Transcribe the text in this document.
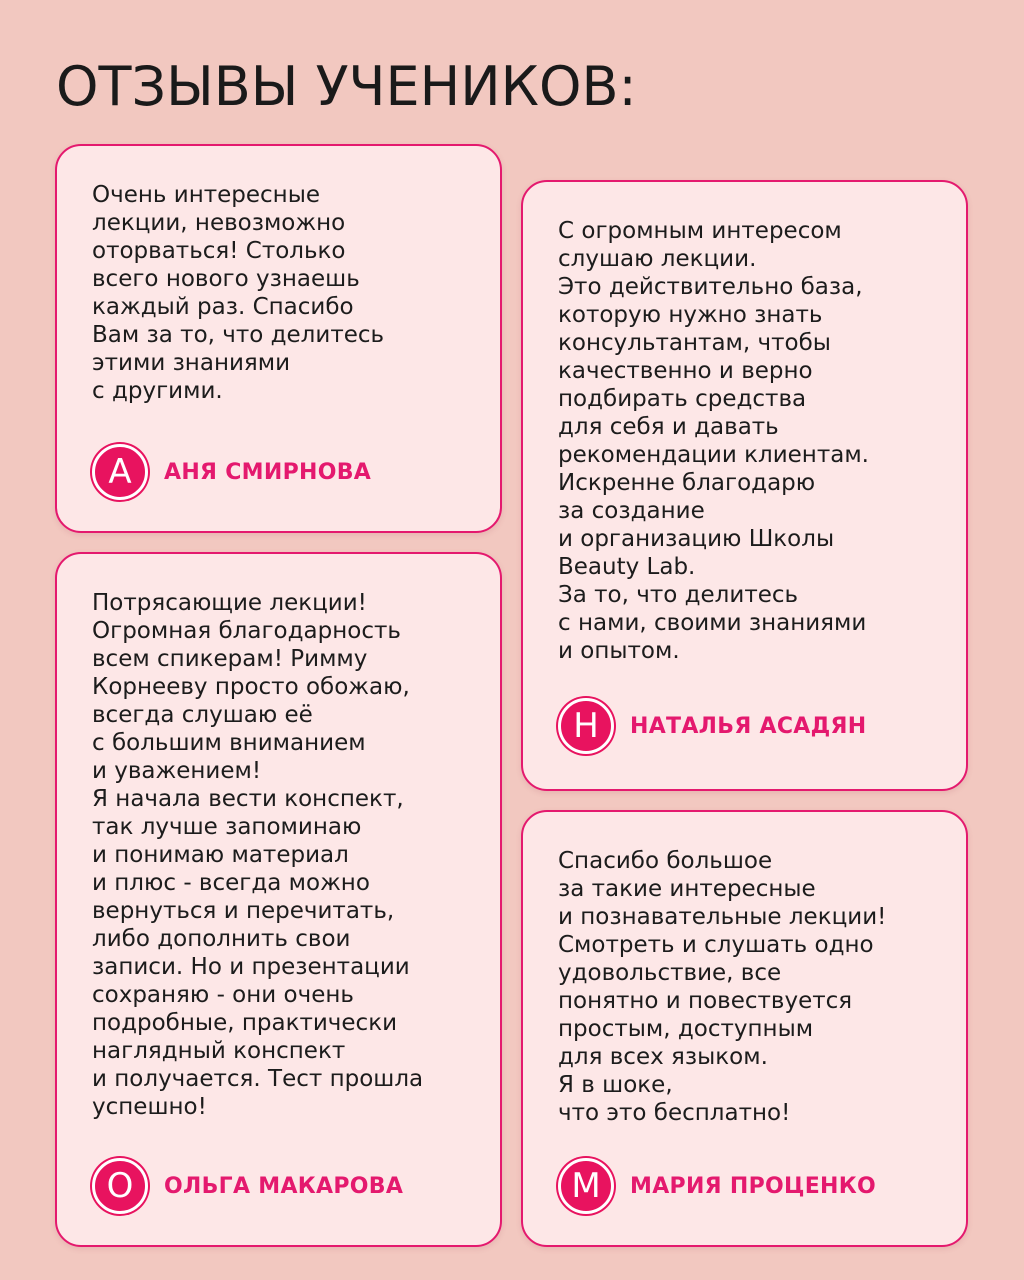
ОТЗЫВЫ УЧЕНИКОВ:

Очень интересные
лекции, невозможно
оторваться! Столько
всего нового узнаешь
каждый раз. Спасибо
Вам за то, что делитесь
этими знаниями
с другими.

А	АНЯ СМИРНОВА

С огромным интересом
слушаю лекции.
Это действительно база,
которую нужно знать
консультантам, чтобы
качественно и верно
подбирать средства
для себя и давать
рекомендации клиентам.
Искренне благодарю
за создание
и организацию Школы
Beauty Lab.
За то, что делитесь
с нами, своими знаниями
и опытом.

Н	НАТАЛЬЯ АСАДЯН

Потрясающие лекции!
Огромная благодарность
всем спикерам! Римму
Корнееву просто обожаю,
всегда слушаю её
с большим вниманием
и уважением!
Я начала вести конспект,
так лучше запоминаю
и понимаю материал
и плюс - всегда можно
вернуться и перечитать,
либо дополнить свои
записи. Но и презентации
сохраняю - они очень
подробные, практически
наглядный конспект
и получается. Тест прошла
успешно!

О	ОЛЬГА МАКАРОВА

Спасибо большое
за такие интересные
и познавательные лекции!
Смотреть и слушать одно
удовольствие, все
понятно и повествуется
простым, доступным
для всех языком.
Я в шоке,
что это бесплатно!

М	МАРИЯ ПРОЦЕНКО
